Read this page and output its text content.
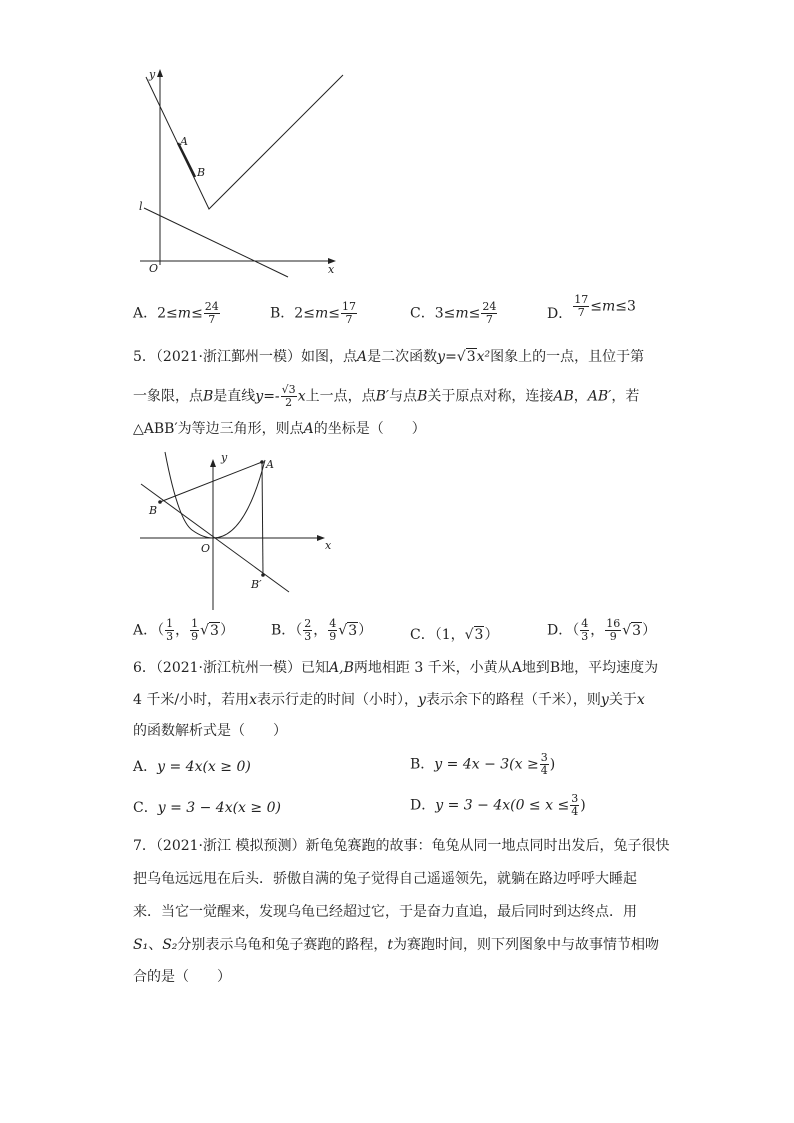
y
x
O
A
B
l
A．$2\le m\le \frac{24}{7}$	B．$2\le m\le \frac{17}{7}$	C．$3\le m\le \frac{24}{7}$	D． $\frac{17}{7} \le m\le 3$
5．（2021·浙江鄞州一模）如图，点A是二次函数y=√3x²图象上的一点，且位于第
一象限，点B是直线$y=- \frac{√3}{2}$ x上一点，点B′与点B关于原点对称，连接AB，AB′，若
△ABB′为等边三角形，则点A的坐标是（　　）
y
x
O
A
B
B′
A．（ $\frac{1}{3}$ ， $\frac{1}{9} √3$）	B．（ $\frac{2}{3}$ ， $\frac{4}{9} √3$）	C．（1，√3）	D．（ $\frac{4}{3}$ ， $\frac{16}{9} √3$）
6．（2021·浙江杭州一模）已知A,B两地相距 3 千米，小黄从A地到B地，平均速度为
4 千米/小时，若用x表示行走的时间（小时），y表示余下的路程（千米），则y关于x
的函数解析式是（　　）
A．y = 4x(x ≥ 0)	B．$y = 4x - 3(x \ge \frac{3}{4}$ )
C．y = 3 − 4x(x ≥ 0)	D．$y = 3 - 4x(0 \le x \le \frac{3}{4}$ )
7．（2021·浙江 模拟预测）新龟兔赛跑的故事：龟兔从同一地点同时出发后，兔子很快
把乌龟远远甩在后头．骄傲自满的兔子觉得自己遥遥领先，就躺在路边呼呼大睡起
来．当它一觉醒来，发现乌龟已经超过它，于是奋力直追，最后同时到达终点．用
S₁、S₂分别表示乌龟和兔子赛跑的路程，t为赛跑时间，则下列图象中与故事情节相吻
合的是（　　）
